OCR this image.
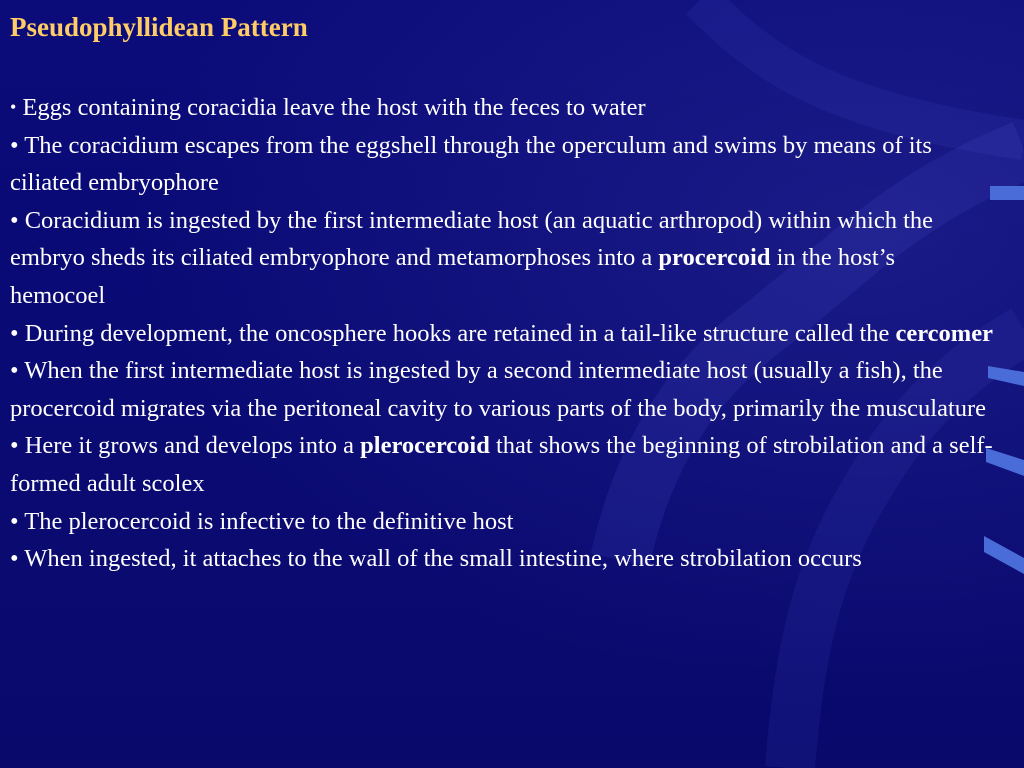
Pseudophyllidean Pattern
• Eggs containing coracidia leave the host with the feces to water
• The coracidium escapes from the eggshell through the operculum and swims by means of its ciliated embryophore
• Coracidium is ingested by the first intermediate host (an aquatic arthropod) within which the embryo sheds its ciliated embryophore and metamorphoses into a procercoid in the host’s hemocoel
• During development, the oncosphere hooks are retained in a tail-like structure called the cercomer
• When the first intermediate host is ingested by a second intermediate host (usually a fish), the procercoid migrates via the peritoneal cavity to various parts of the body, primarily the musculature
• Here it grows and develops into a plerocercoid that shows the beginning of strobilation and a self-formed adult scolex
• The plerocercoid is infective to the definitive host
• When ingested, it attaches to the wall of the small intestine, where strobilation occurs
